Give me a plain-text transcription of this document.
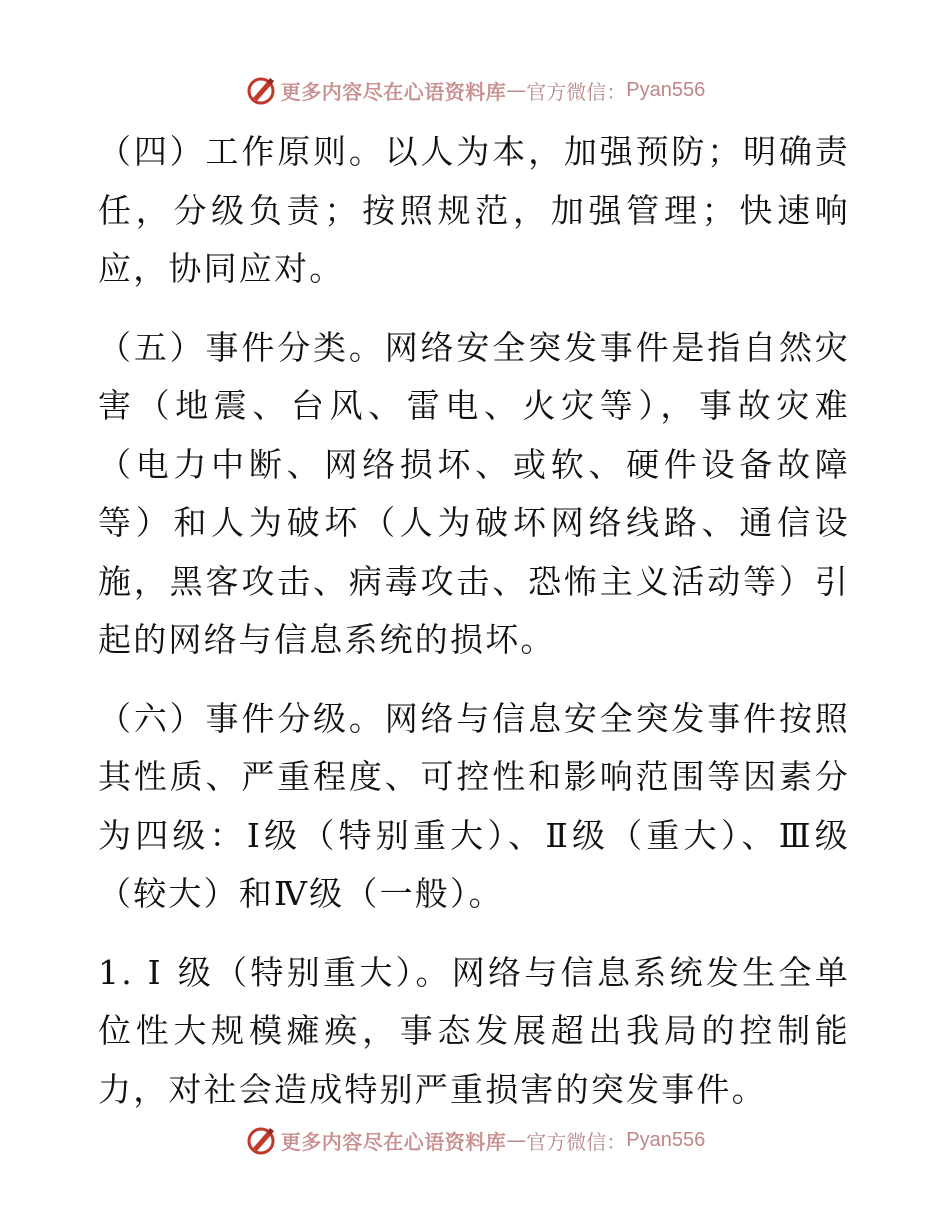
更多内容尽在心语资料库 — 官方微信： Pyan556

（四）工作原则。以人为本，加强预防；明确责任，分级负责；按照规范，加强管理；快速响应，协同应对。

（五）事件分类。网络安全突发事件是指自然灾害（地震、台风、雷电、火灾等），事故灾难（电力中断、网络损坏、或软、硬件设备故障等）和人为破坏（人为破坏网络线路、通信设施，黑客攻击、病毒攻击、恐怖主义活动等）引起的网络与信息系统的损坏。

（六）事件分级。网络与信息安全突发事件按照其性质、严重程度、可控性和影响范围等因素分为四级：Ⅰ级（特别重大）、Ⅱ级（重大）、Ⅲ级（较大）和Ⅳ级（一般）。

1. Ⅰ 级（特别重大）。网络与信息系统发生全单位性大规模瘫痪，事态发展超出我局的控制能力，对社会造成特别严重损害的突发事件。

更多内容尽在心语资料库 — 官方微信： Pyan556
